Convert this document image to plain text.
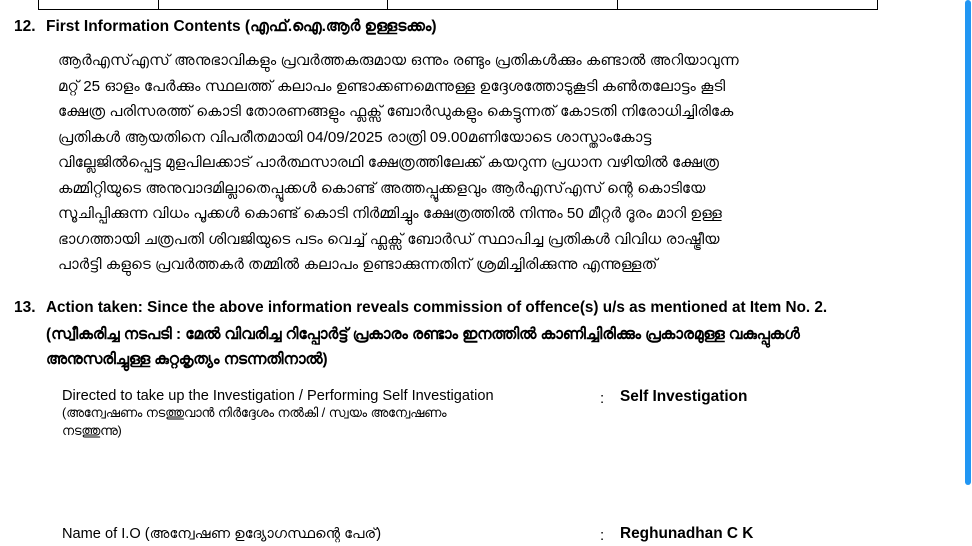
12. First Information Contents (എഫ്.ഐ.ആർ ഉള്ളടക്കം)
ആർഎസ്എസ് അനുഭാവികളും പ്രവർത്തകരുമായ ഒന്നും രണ്ടും പ്രതികൾക്കും കണ്ടാൽ അറിയാവുന്ന
മറ്റ് 25 ഓളം പേർക്കും സ്ഥലത്ത് കലാപം ഉണ്ടാക്കണമെന്നുള്ള ഉദ്ദേശത്തോടുകൂടി കൺതലോട്ടം കൂടി
ക്ഷേത്ര പരിസരത്ത് കൊടി തോരണങ്ങളും ഫ്ലക്സ് ബോർഡുകളും കെട്ടുന്നത് കോടതി നിരോധിച്ചിരികേ
പ്രതികൾ ആയതിനെ വിപരീതമായി 04/09/2025 രാത്രി 09.00മണിയോടെ ശാസ്താംകോട്ട
വില്ലേജിൽപ്പെട്ട മുളപിലക്കാട് പാർത്ഥസാരഥി ക്ഷേത്രത്തിലേക്ക് കയറുന്ന പ്രധാന വഴിയിൽ ക്ഷേത്ര
കമ്മിറ്റിയുടെ അനുവാദമില്ലാതെപ്പൂക്കൾ കൊണ്ട് അത്തപ്പൂക്കളവും ആർഎസ്എസ് ന്റെ കൊടിയേ
സൂചിപ്പിക്കുന്ന വിധം പൂക്കൾ കൊണ്ട് കൊടി നിർമ്മിച്ചും ക്ഷേത്രത്തിൽ നിന്നും 50 മീറ്റർ ദൂരം മാറി ഉള്ള
ഭാഗത്തായി ചത്രപതി ശിവജിയുടെ പടം വെച്ച് ഫ്ലക്സ് ബോർഡ് സ്ഥാപിച്ച പ്രതികൾ വിവിധ രാഷ്ട്രീയ
പാർട്ടി കളുടെ പ്രവർത്തകർ തമ്മിൽ കലാപം ഉണ്ടാക്കുന്നതിന് ശ്രമിച്ചിരിക്കുന്നു എന്നുള്ളത്
13. Action taken: Since the above information reveals commission of offence(s) u/s as mentioned at Item No. 2.
(സ്വീകരിച്ച നടപടി : മേൽ വിവരിച്ച റിപ്പോർട്ട് പ്രകാരം രണ്ടാം ഇനത്തിൽ കാണിച്ചിരിക്കും പ്രകാരമുള്ള വകുപ്പുകൾ
അനുസരിച്ചുള്ള കുറ്റകൃത്യം നടന്നതിനാൽ)
Directed to take up the Investigation / Performing Self Investigation
(അന്വേഷണം നടത്തുവാൻ നിർദ്ദേശം നൽകി / സ്വയം അന്വേഷണം
നടത്തുന്നു)
: Self Investigation
Name of I.O (അന്വേഷണ ഉദ്യോഗസ്ഥന്റെ പേര്)	: Reghunadhan C K
